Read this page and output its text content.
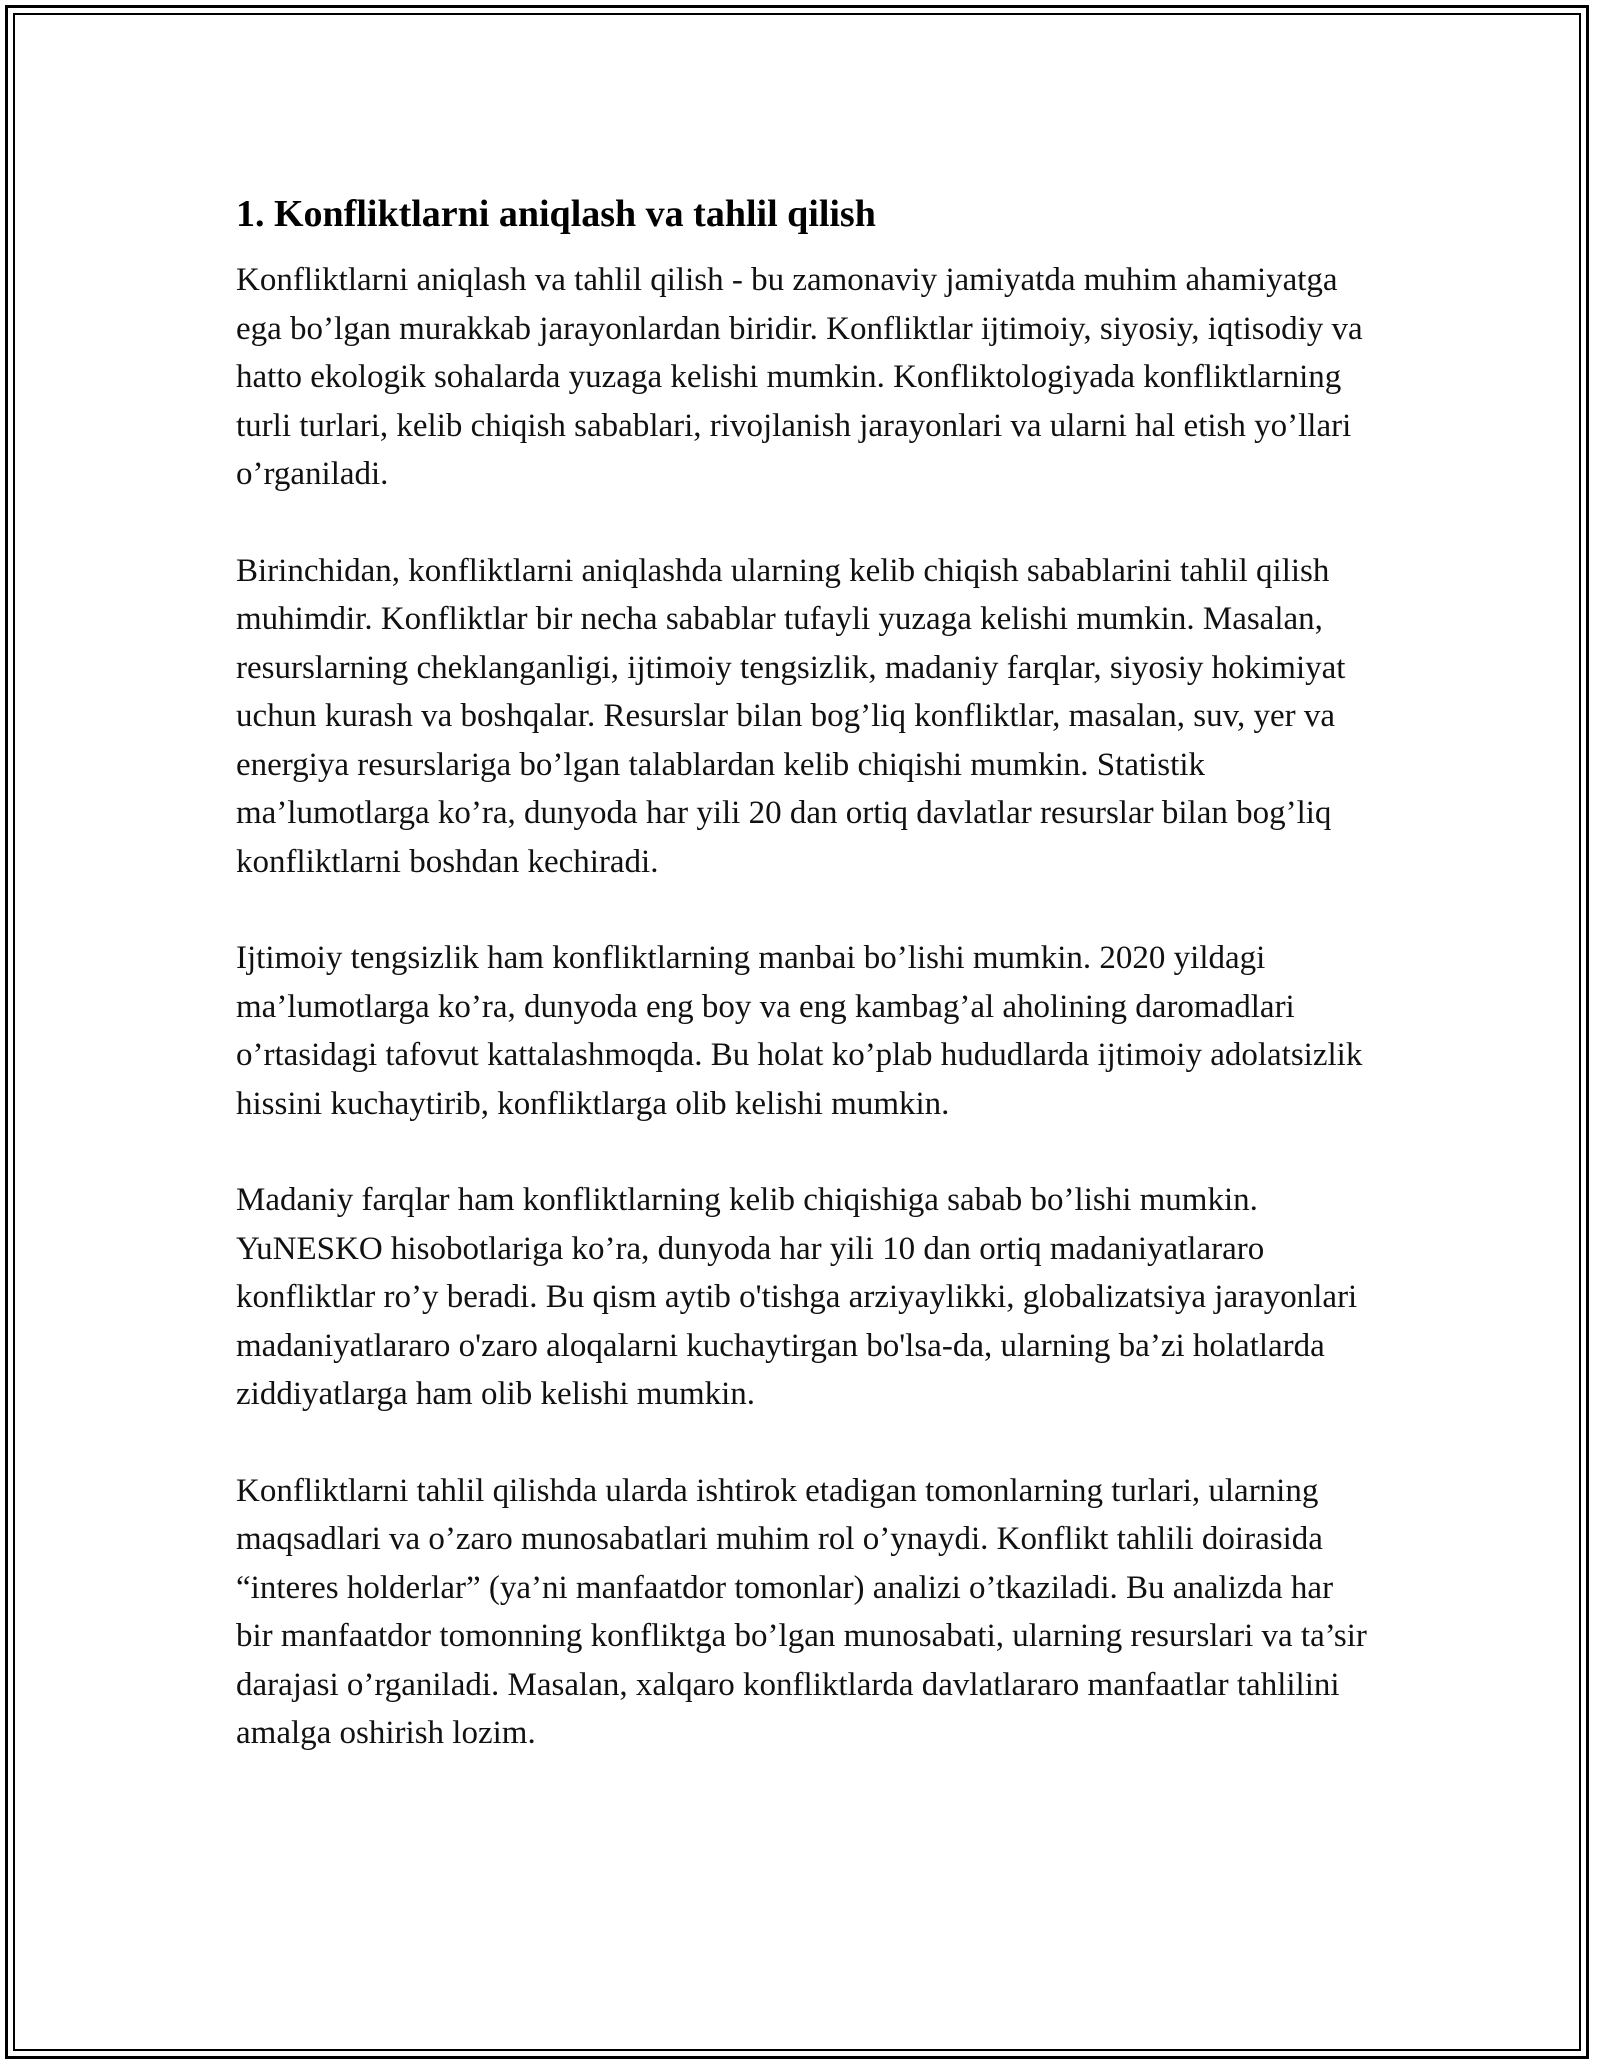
1. Konfliktlarni aniqlash va tahlil qilish

Konfliktlarni aniqlash va tahlil qilish - bu zamonaviy jamiyatda muhim ahamiyatga ega bo’lgan murakkab jarayonlardan biridir. Konfliktlar ijtimoiy, siyosiy, iqtisodiy va hatto ekologik sohalarda yuzaga kelishi mumkin. Konfliktologiyada konfliktlarning turli turlari, kelib chiqish sabablari, rivojlanish jarayonlari va ularni hal etish yo’llari o’rganiladi.

Birinchidan, konfliktlarni aniqlashda ularning kelib chiqish sabablarini tahlil qilish muhimdir. Konfliktlar bir necha sabablar tufayli yuzaga kelishi mumkin. Masalan, resurslarning cheklanganligi, ijtimoiy tengsizlik, madaniy farqlar, siyosiy hokimiyat uchun kurash va boshqalar. Resurslar bilan bog’liq konfliktlar, masalan, suv, yer va energiya resurslariga bo’lgan talablardan kelib chiqishi mumkin. Statistik ma’lumotlarga ko’ra, dunyoda har yili 20 dan ortiq davlatlar resurslar bilan bog’liq konfliktlarni boshdan kechiradi.

Ijtimoiy tengsizlik ham konfliktlarning manbai bo’lishi mumkin. 2020 yildagi ma’lumotlarga ko’ra, dunyoda eng boy va eng kambag’al aholining daromadlari o’rtasidagi tafovut kattalashmoqda. Bu holat ko’plab hududlarda ijtimoiy adolatsizlik hissini kuchaytirib, konfliktlarga olib kelishi mumkin.

Madaniy farqlar ham konfliktlarning kelib chiqishiga sabab bo’lishi mumkin. YuNESKO hisobotlariga ko’ra, dunyoda har yili 10 dan ortiq madaniyatlararo konfliktlar ro’y beradi. Bu qism aytib o'tishga arziyaylikki, globalizatsiya jarayonlari madaniyatlararo o'zaro aloqalarni kuchaytirgan bo'lsa-da, ularning ba’zi holatlarda ziddiyatlarga ham olib kelishi mumkin.

Konfliktlarni tahlil qilishda ularda ishtirok etadigan tomonlarning turlari, ularning maqsadlari va o’zaro munosabatlari muhim rol o’ynaydi. Konflikt tahlili doirasida “interes holderlar” (ya’ni manfaatdor tomonlar) analizi o’tkaziladi. Bu analizda har bir manfaatdor tomonning konfliktga bo’lgan munosabati, ularning resurslari va ta’sir darajasi o’rganiladi. Masalan, xalqaro konfliktlarda davlatlararo manfaatlar tahlilini amalga oshirish lozim.
